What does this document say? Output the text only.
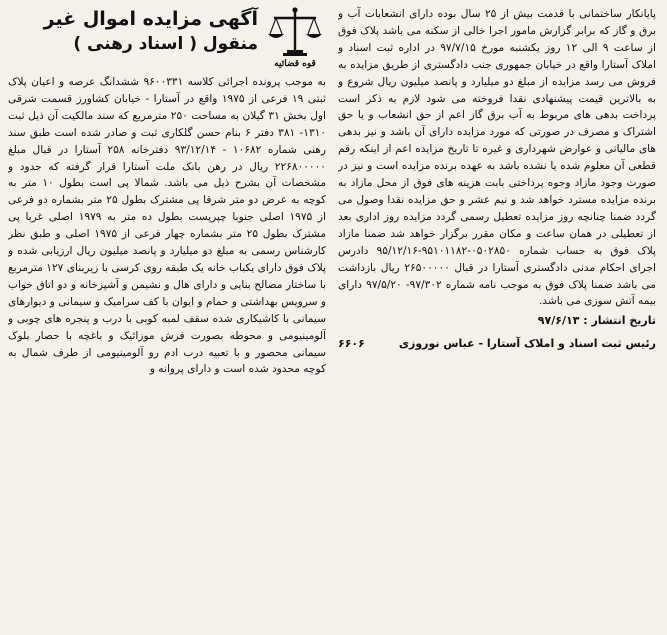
قوه قضائیه
آگهی مزایده اموال غیر
منقول ( اسناد رهنی )

به موجب پرونده اجرائی کلاسه ۹۶۰۰۳۳۱ ششدانگ عرصه و اعیان پلاک ثبتی ۱۹ فرعی از ۱۹۷۵ واقع در آستارا - خیابان کشاورز قسمت شرقی اول بخش ۳۱ گیلان به مساحت ۲۵۰ مترمربع که سند مالکیت آن ذیل ثبت ۱۳۱۰- ۳۸۱ دفتر ۶ بنام حسن گلکاری ثبت و صادر شده است طبق سند رهنی شماره ۱۰۶۸۲ - ۹۳/۱۲/۱۴ دفترخانه ۲۵۸ آستارا در قبال مبلغ ۲۲۶۸۰۰۰۰۰ ریال در رهن بانک ملت آستارا قرار گرفته که حدود و مشخصات آن بشرح ذیل می باشد. شمالا پی است بطول ۱۰ متر به کوچه به عرض دو متر شرقا پی مشترک بطول ۲۵ متر بشماره دو فرعی از ۱۹۷۵ اصلی جنوبا چپرپست بطول ده متر به ۱۹۷۹ اصلی غربا پی مشترک بطول ۲۵ متر بشماره چهار فرعی از ۱۹۷۵ اصلی و طبق نظر کارشناس رسمی به مبلغ دو میلیارد و پانصد میلیون ریال ارزیابی شده و پلاک فوق دارای یکباب خانه یک طبقه روی کرسی با زیربنای ۱۲۷ مترمربع با ساختار مصالح بنایی و دارای هال و نشیمن و آشپزخانه و دو اتاق خواب و سرویس بهداشتی و حمام و ایوان با کف سرامیک و سیمانی و دیوارهای سیمانی با کاشیکاری شده سقف لمبه کوبی با درب و پنجره های چوبی و آلومینیومی و محوطه بصورت فرش موزائیک و باغچه با حصار بلوک سیمانی محصور و با تعبیه درب ادم رو آلومینیومی از طرف شمال به کوچه محدود شده است و دارای پروانه و

پایانکار ساختمانی با قدمت بیش از ۲۵ سال بوده دارای انشعابات آب و برق و گاز که برابر گزارش مامور اجرا خالی از سکنه می باشد پلاک فوق از ساعت ۹ الی ۱۲ روز یکشنبه مورخ ۹۷/۷/۱۵ در اداره ثبت اسناد و املاک آستارا واقع در خیابان جمهوری جنب دادگستری از طریق مزایده به فروش می رسد مزایده از مبلغ دو میلیارد و پانصد میلیون ریال شروع و به بالاترین قیمت پیشنهادی نقدا فروخته می شود لازم به ذکر است پرداخت بدهی های مربوط به آب برق گاز اعم از حق انشعاب و یا حق اشتراک و مصرف در صورتی که مورد مزایده دارای آن باشد و نیز بدهی های مالیاتی و عوارض شهرداری و غیره تا تاریخ مزایده اعم از اینکه رقم قطعی آن معلوم شده یا نشده باشد به عهده برنده مزایده است و نیز در صورت وجود مازاد وجوه پرداختی بابت هزینه های فوق از محل مازاد به برنده مزایده مسترد خواهد شد و نیم عشر و حق مزایده نقدا وصول می گردد ضمنا چنانچه روز مزایده تعطیل رسمی گردد مزایده روز اداری بعد از تعطیلی در همان ساعت و مکان مقرر برگزار خواهد شد ضمنا مازاد پلاک فوق به حساب شماره ۰۵۰۲۸۵۰-۹۵۱۰۱۱۸۲-۹۵/۱۲/۱۶ دادرس اجرای احکام مدنی دادگستری آستارا در قبال ۲۶۵۰۰۰۰۰ ریال بازداشت می باشد ضمنا پلاک فوق به موجب نامه شماره ۹۷/۳۰۲- ۹۷/۵/۲۰ دارای بیمه آتش سوزی می باشد.

تاریخ انتشار : ۹۷/۶/۱۳
رئیس ثبت اسناد و املاک آستارا - عباس نوروزی
۶۶۰۶
